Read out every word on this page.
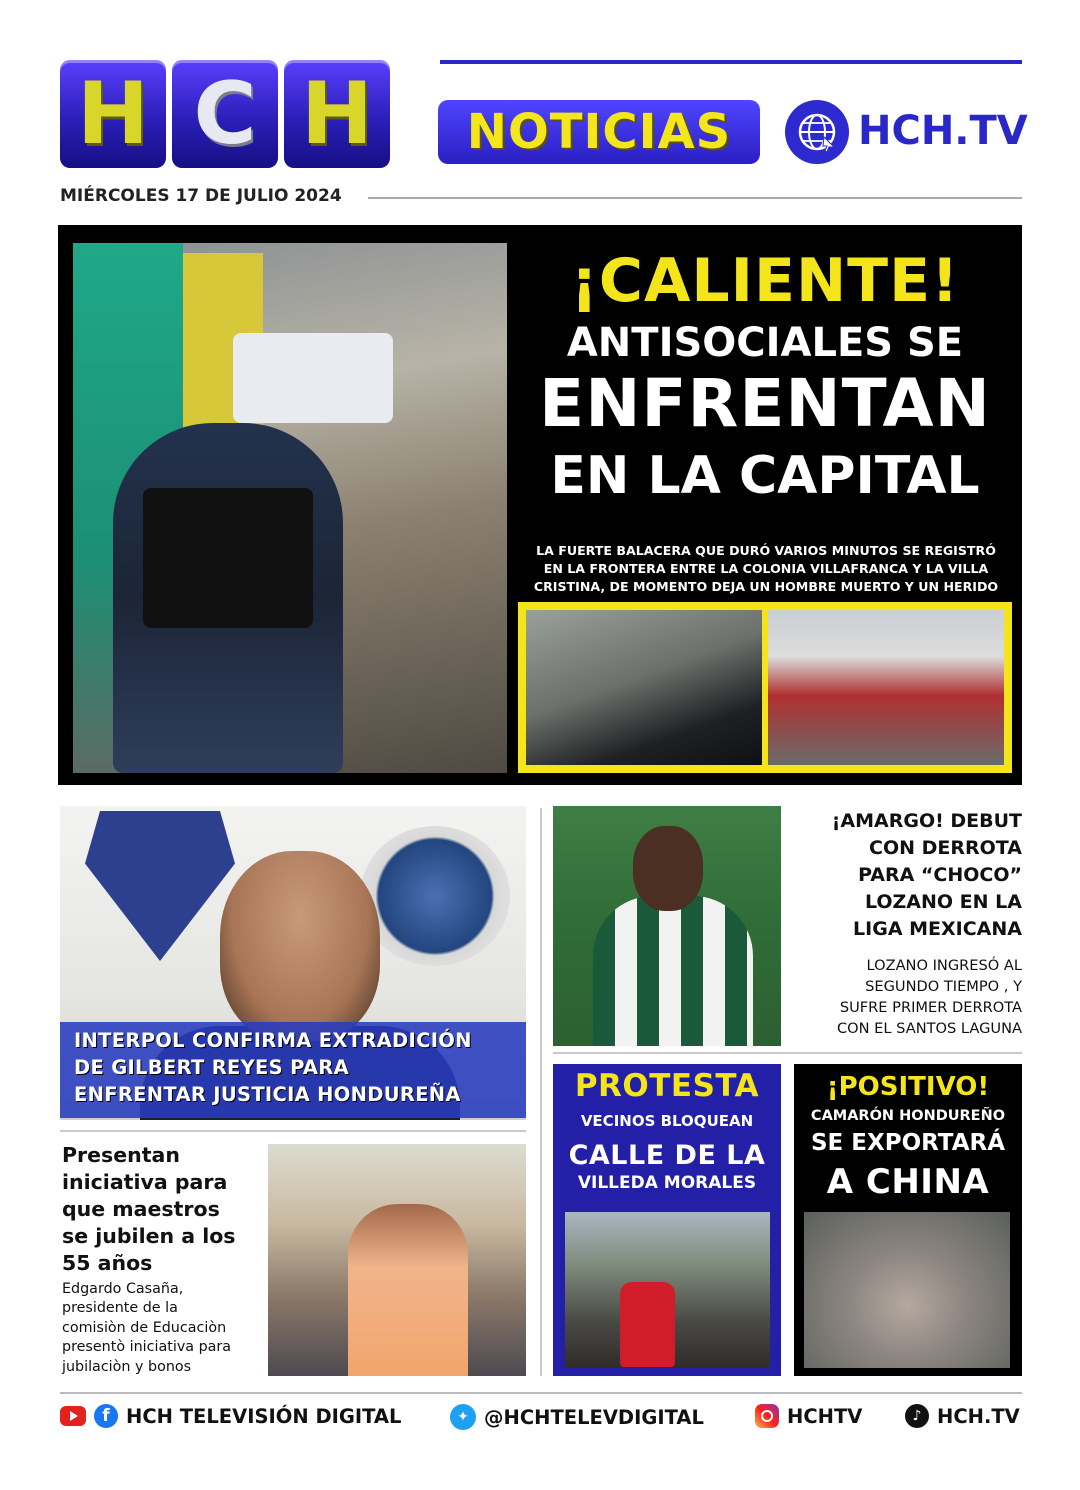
H C H NOTICIAS	HCH.TV
MIÉRCOLES 17 DE JULIO 2024
¡CALIENTE!
ANTISOCIALES SE
ENFRENTAN
EN LA CAPITAL
LA FUERTE BALACERA QUE DURÓ VARIOS MINUTOS SE REGISTRÓ
EN LA FRONTERA ENTRE LA COLONIA VILLAFRANCA Y LA VILLA
CRISTINA, DE MOMENTO DEJA UN HOMBRE MUERTO Y UN HERIDO
INTERPOL CONFIRMA EXTRADICIÓN
DE GILBERT REYES PARA
ENFRENTAR JUSTICIA HONDUREÑA
Presentan
iniciativa para
que maestros
se jubilen a los
55 años
Edgardo Casaña,
presidente de la
comisiòn de Educaciòn
presentò iniciativa para
jubilaciòn y bonos
¡AMARGO! DEBUT
CON DERROTA
PARA “CHOCO”
LOZANO EN LA
LIGA MEXICANA
LOZANO INGRESÓ AL
SEGUNDO TIEMPO , Y
SUFRE PRIMER DERROTA
CON EL SANTOS LAGUNA
PROTESTA
VECINOS BLOQUEAN
CALLE DE LA
VILLEDA MORALES
¡POSITIVO!
CAMARÓN HONDUREÑO
SE EXPORTARÁ
A CHINA
f HCH TELEVISIÓN DIGITAL	✦ @HCHTELEVDIGITAL	HCHTV	♪ HCH.TV
